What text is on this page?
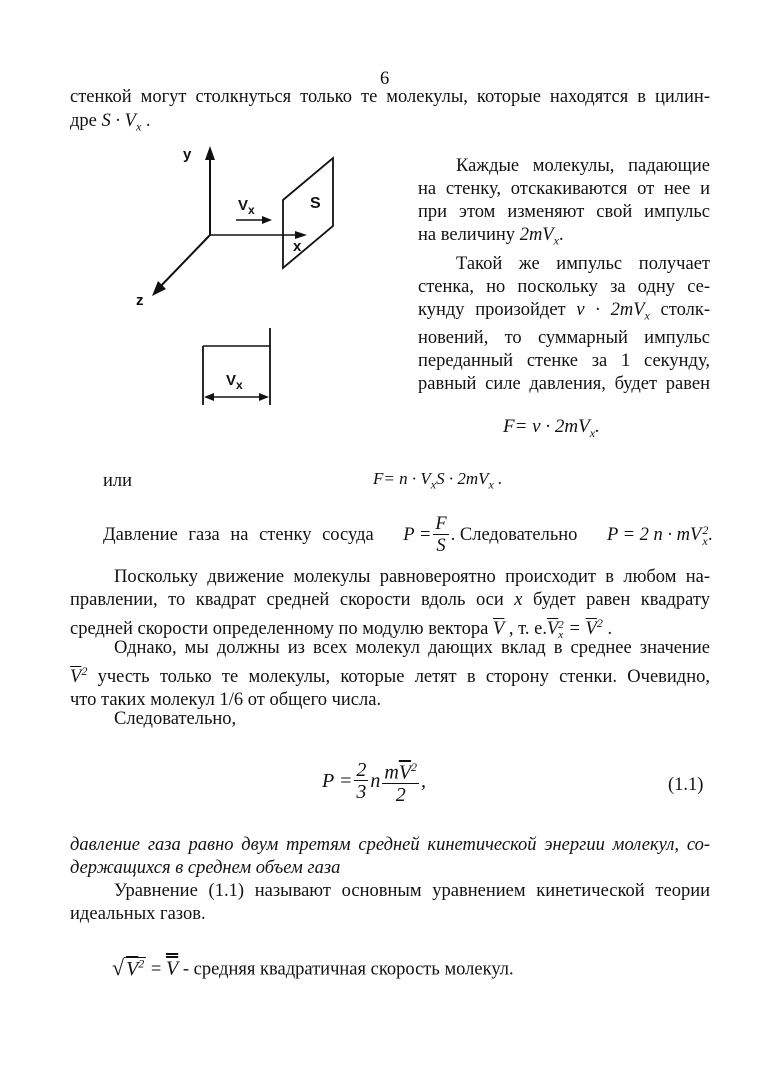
6
стенкой могут столкнуться только те молекулы, которые находятся в цилин-
дре $S \cdot V_x$ .
y
z
x
$V_x$	S
$V_x$
Каждые молекулы, падающие
на стенку, отскакиваются от нее и
при этом изменяют свой импульс
на величину $2mV_x$.
Такой же импульс получает
стенка, но поскольку за одну се-
кунду произойдет $\nu \cdot 2mV_x$ столк-
новений, то суммарный импульс
переданный стенке за 1 секунду,
равный силе давления, будет равен
$F= \nu \cdot 2mV_x$.
или	$F= n \cdot V_xS \cdot 2mV_x$ .
Давление газа на стенку сосуда $P = \frac{F}{S}$ . Следовательно P = 2 n · mV 2
x .
Поскольку движение молекулы равновероятно происходит в любом на-
правлении, то квадрат средней скорости вдоль оси x будет равен квадрату
средней скорости определенному по модулю вектора $\overline{V}$ , т. $е.\overline{V}$ 2
$x = \overline{V}^2$ .
Однако, мы должны из всех молекул дающих вклад в среднее значение
$\overline{V}^2$ учесть только те молекулы, которые летят в сторону стенки. Очевидно,
что таких молекул 1/6 от общего числа.
Следовательно,
$P = \frac{2}{3}$ n $\frac{m\overline{V}^2}{2}$ ,	(1.1)
давление газа равно двум третям средней кинетической энергии молекул, со-
держащихся в среднем объем газа
Уравнение (1.1) называют основным уравнением кинетической теории
идеальных газов.
√ $V^2 = V$ - средняя квадратичная скорость молекул.
